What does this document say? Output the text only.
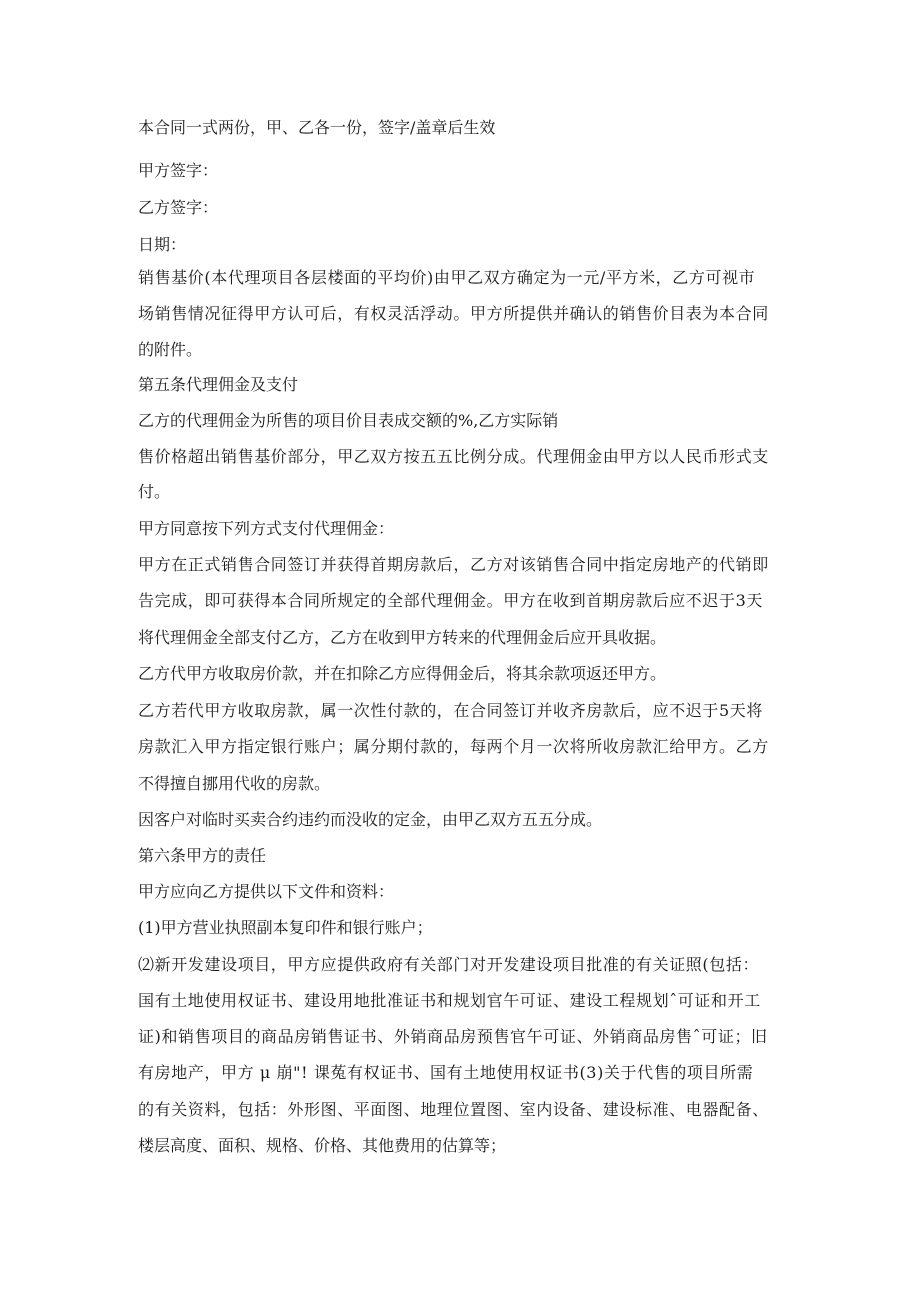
本合同一式两份，甲、乙各一份，签字/盖章后生效
甲方签字：
乙方签字：
日期：
销售基价(本代理项目各层楼面的平均价)由甲乙双方确定为一元/平方米，乙方可视市
场销售情况征得甲方认可后，有权灵活浮动。甲方所提供并确认的销售价目表为本合同
的附件。
第五条代理佣金及支付
乙方的代理佣金为所售的项目价目表成交额的%,乙方实际销
售价格超出销售基价部分，甲乙双方按五五比例分成。代理佣金由甲方以人民币形式支
付。
甲方同意按下列方式支付代理佣金：
甲方在正式销售合同签订并获得首期房款后，乙方对该销售合同中指定房地产的代销即
告完成，即可获得本合同所规定的全部代理佣金。甲方在收到首期房款后应不迟于3天
将代理佣金全部支付乙方，乙方在收到甲方转来的代理佣金后应开具收据。
乙方代甲方收取房价款，并在扣除乙方应得佣金后，将其余款项返还甲方。
乙方若代甲方收取房款，属一次性付款的，在合同签订并收齐房款后，应不迟于5天将
房款汇入甲方指定银行账户；属分期付款的，每两个月一次将所收房款汇给甲方。乙方
不得擅自挪用代收的房款。
因客户对临时买卖合约违约而没收的定金，由甲乙双方五五分成。
第六条甲方的责任
甲方应向乙方提供以下文件和资料：
(1)甲方营业执照副本复印件和银行账户；
⑵新开发建设项目，甲方应提供政府有关部门对开发建设项目批准的有关证照(包括：
国有土地使用权证书、建设用地批准证书和规划官午可证、建设工程规划ˆ可证和开工
证)和销售项目的商品房销售证书、外销商品房预售官午可证、外销商品房售ˆ可证；旧
有房地产，甲方 μ 崩"! 课菟有权证书、国有土地使用权证书(3)关于代售的项目所需
的有关资料，包括：外形图、平面图、地理位置图、室内设备、建设标准、电器配备、
楼层高度、面积、规格、价格、其他费用的估算等；
